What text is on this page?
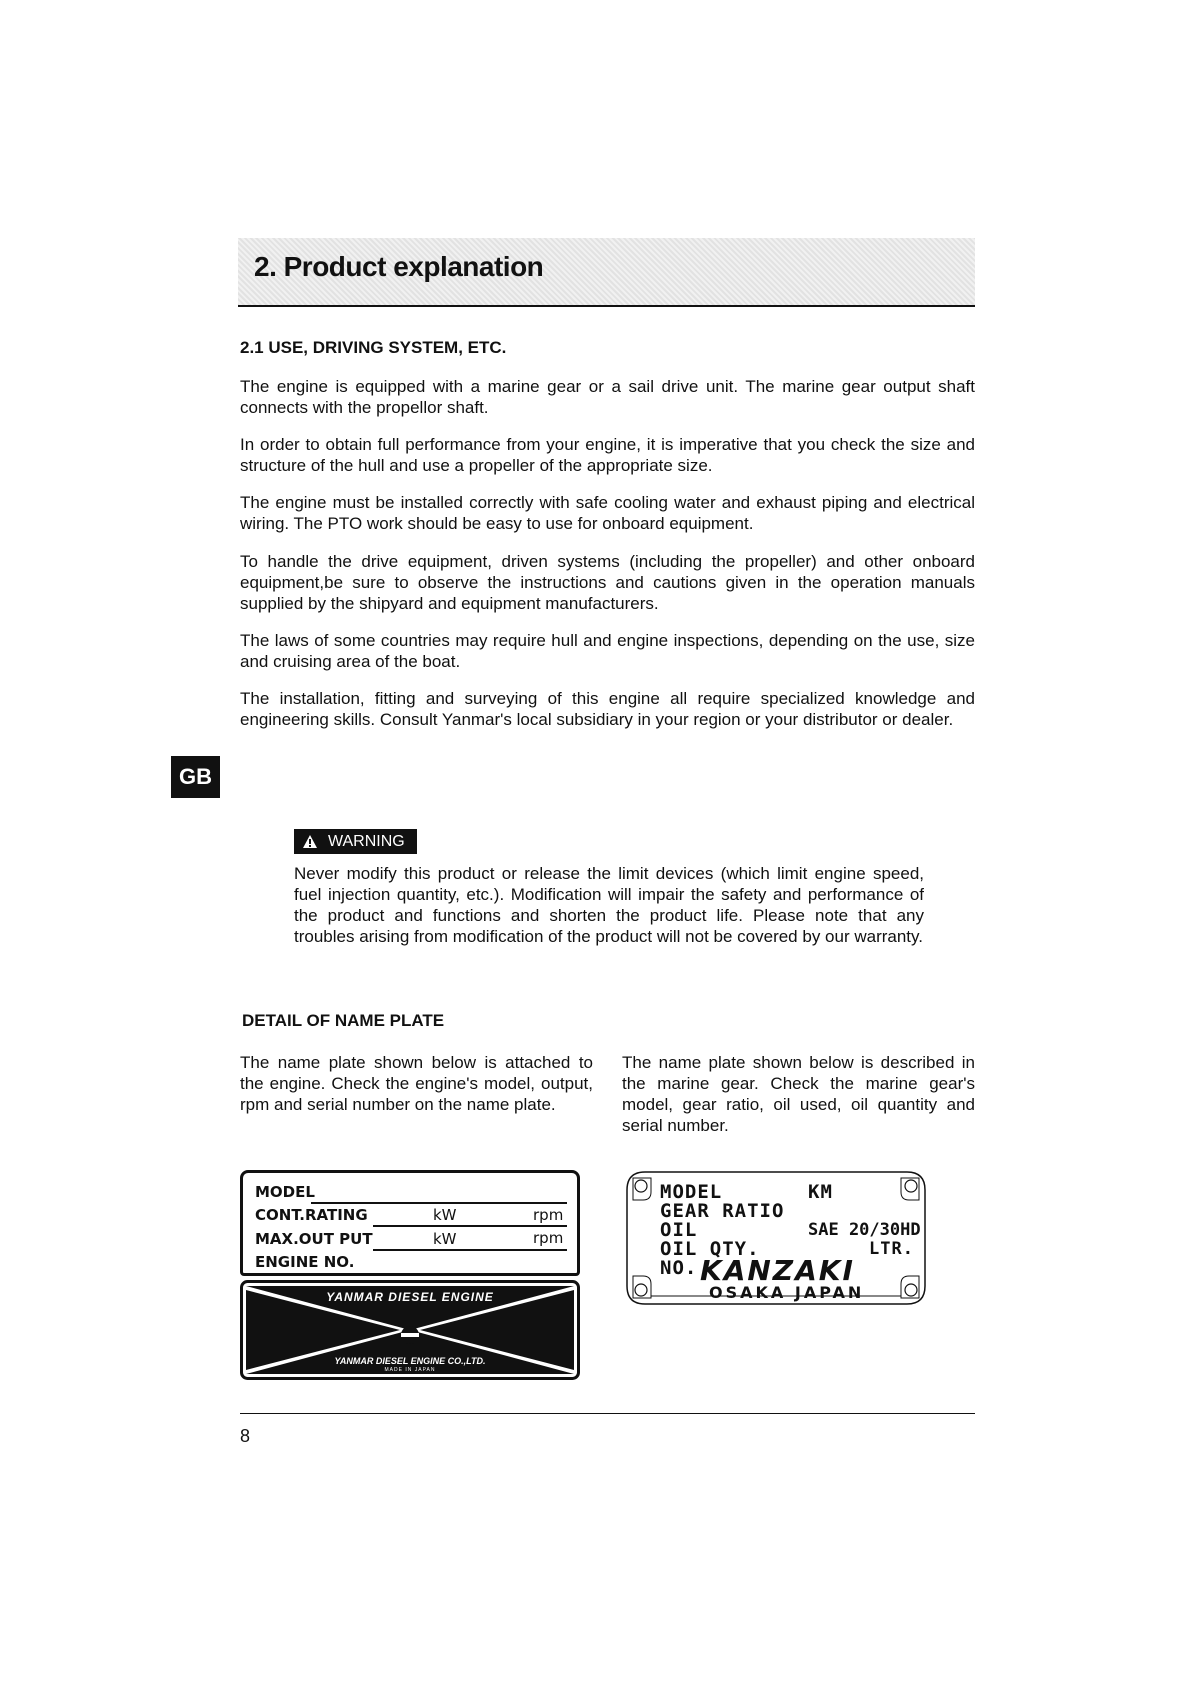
2. Product explanation
2.1 USE, DRIVING SYSTEM, ETC.

The engine is equipped with a marine gear or a sail drive unit. The marine gear output shaft connects with the propellor shaft.

In order to obtain full performance from your engine, it is imperative that you check the size and structure of the hull and use a propeller of the appropriate size.

The engine must be installed correctly with safe cooling water and exhaust piping and electrical wiring. The PTO work should be easy to use for onboard equipment.

To handle the drive equipment, driven systems (including the propeller) and other onboard equipment,be sure to observe the instructions and cautions given in the operation manuals supplied by the shipyard and equipment manufacturers.

The laws of some countries may require hull and engine inspections, depending on the use, size and cruising area of the boat.

The installation, fitting and surveying of this engine all require specialized knowledge and engineering skills. Consult Yanmar's local subsidiary in your region or your distributor or dealer.

GB
WARNING

Never modify this product or release the limit devices (which limit engine speed, fuel injection quantity, etc.). Modification will impair the safety and performance of the product and functions and shorten the product life. Please note that any troubles arising from modification of the product will not be covered by our warranty.

DETAIL OF NAME PLATE

The name plate shown below is attached to the engine. Check the engine's model, output, rpm and serial number on the name plate.

The name plate shown below is described in the marine gear. Check the marine gear's model, gear ratio, oil used, oil quantity and serial number.

MODEL
CONT.RATING	kW	rpm
MAX.OUT PUT	kW	rpm
ENGINE NO.
YANMAR DIESEL ENGINE
YANMAR DIESEL ENGINE CO.,LTD.
MADE IN JAPAN
MODEL	KM
GEAR RATIO
OIL	SAE 20/30HD
OIL QTY.	LTR.
NO. KANZAKI
OSAKA JAPAN
8
